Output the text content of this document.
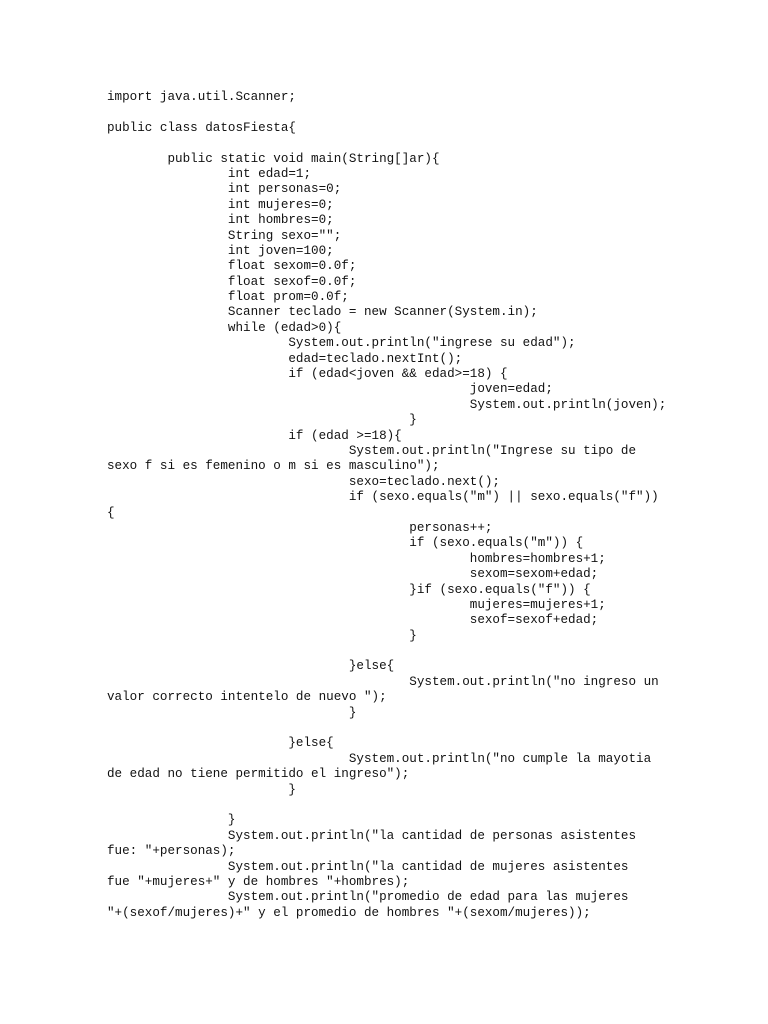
import java.util.Scanner;
public class datosFiesta{
public static void main(String[]ar){
int edad=1;
int personas=0;
int mujeres=0;
int hombres=0;
String sexo="";
int joven=100;
float sexom=0.0f;
float sexof=0.0f;
float prom=0.0f;
Scanner teclado = new Scanner(System.in);
while (edad>0){
System.out.println("ingrese su edad");
edad=teclado.nextInt();
if (edad<joven && edad>=18) {
joven=edad;
System.out.println(joven);
}
if (edad >=18){
System.out.println("Ingrese su tipo de
sexo f si es femenino o m si es masculino");
sexo=teclado.next();
if (sexo.equals("m") || sexo.equals("f"))
{
personas++;
if (sexo.equals("m")) {
hombres=hombres+1;
sexom=sexom+edad;
}if (sexo.equals("f")) {
mujeres=mujeres+1;
sexof=sexof+edad;
}
}else{
System.out.println("no ingreso un
valor correcto intentelo de nuevo ");
}
}else{
System.out.println("no cumple la mayotia
de edad no tiene permitido el ingreso");
}
}
System.out.println("la cantidad de personas asistentes
fue: "+personas);
System.out.println("la cantidad de mujeres asistentes
fue "+mujeres+" y de hombres "+hombres);
System.out.println("promedio de edad para las mujeres
"+(sexof/mujeres)+" y el promedio de hombres "+(sexom/mujeres));
